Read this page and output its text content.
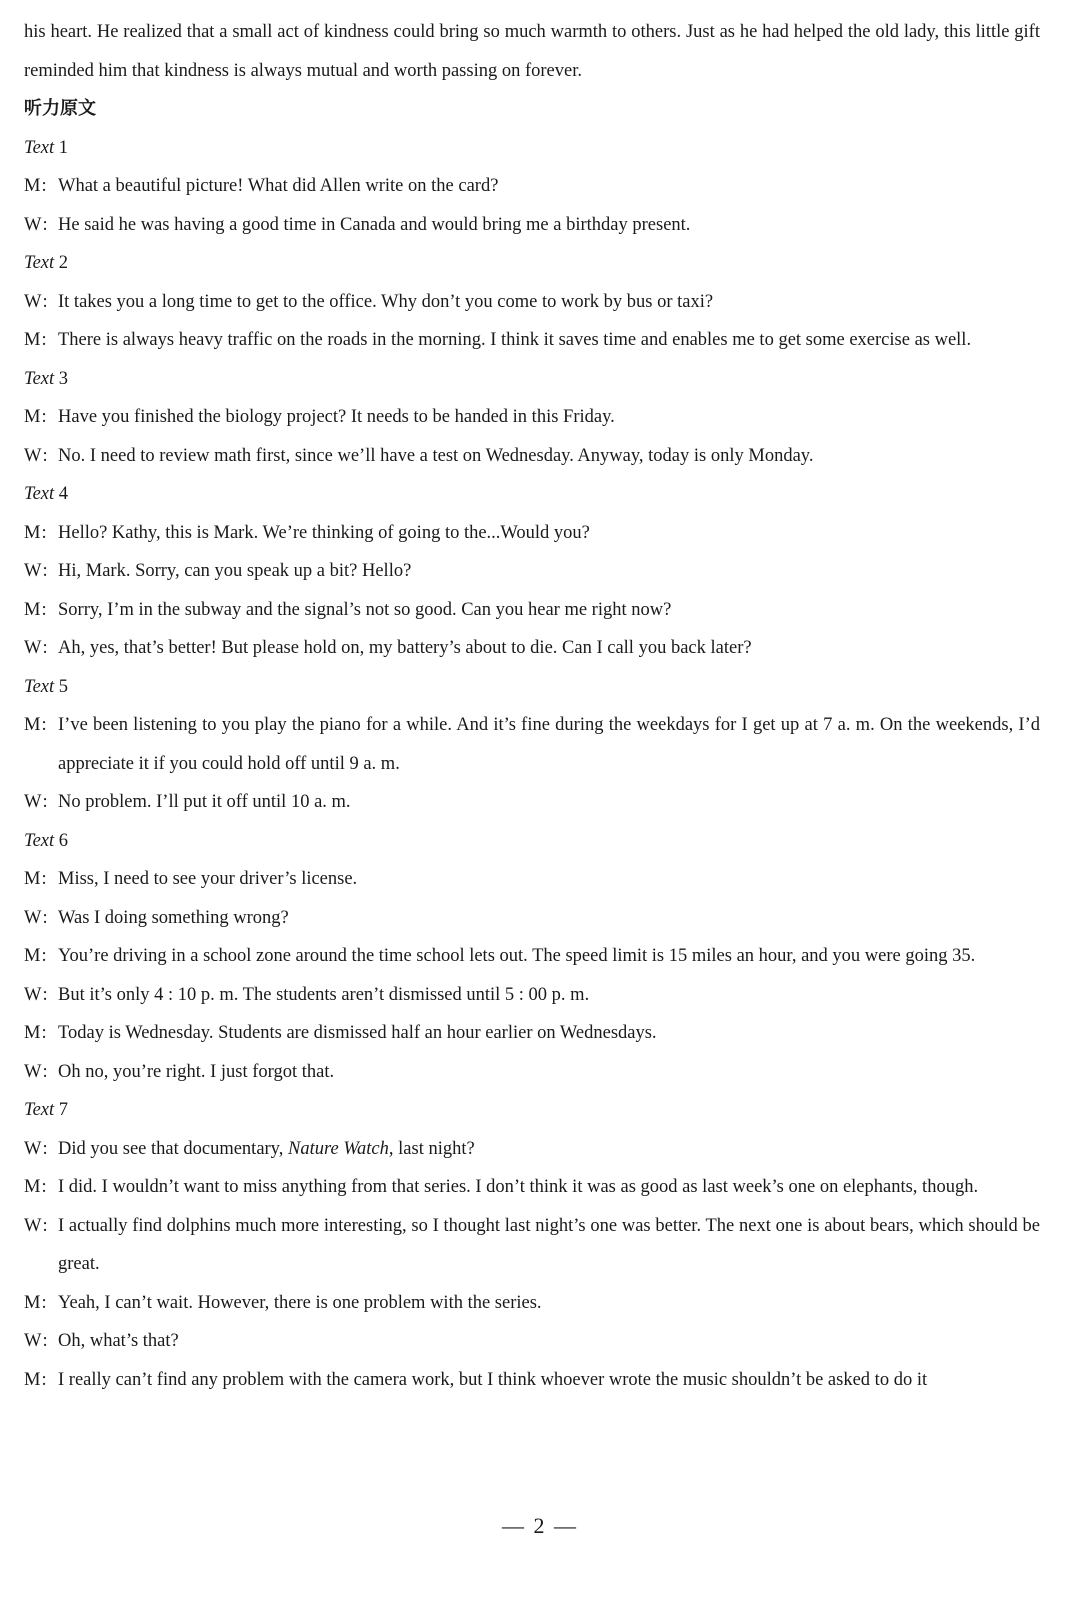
his heart. He realized that a small act of kindness could bring so much warmth to others. Just as he had helped the old lady, this little gift reminded him that kindness is always mutual and worth passing on forever.
听力原文
Text 1
M: What a beautiful picture! What did Allen write on the card?
W: He said he was having a good time in Canada and would bring me a birthday present.
Text 2
W: It takes you a long time to get to the office. Why don’t you come to work by bus or taxi?
M: There is always heavy traffic on the roads in the morning. I think it saves time and enables me to get some exercise as well.
Text 3
M: Have you finished the biology project? It needs to be handed in this Friday.
W: No. I need to review math first, since we’ll have a test on Wednesday. Anyway, today is only Monday.
Text 4
M: Hello? Kathy, this is Mark. We’re thinking of going to the...Would you?
W: Hi, Mark. Sorry, can you speak up a bit? Hello?
M: Sorry, I’m in the subway and the signal’s not so good. Can you hear me right now?
W: Ah, yes, that’s better! But please hold on, my battery’s about to die. Can I call you back later?
Text 5
M: I’ve been listening to you play the piano for a while. And it’s fine during the weekdays for I get up at 7 a. m. On the weekends, I’d appreciate it if you could hold off until 9 a. m.
W: No problem. I’ll put it off until 10 a. m.
Text 6
M: Miss, I need to see your driver’s license.
W: Was I doing something wrong?
M: You’re driving in a school zone around the time school lets out. The speed limit is 15 miles an hour, and you were going 35.
W: But it’s only 4 : 10 p. m. The students aren’t dismissed until 5 : 00 p. m.
M: Today is Wednesday. Students are dismissed half an hour earlier on Wednesdays.
W: Oh no, you’re right. I just forgot that.
Text 7
W: Did you see that documentary, Nature Watch, last night?
M: I did. I wouldn’t want to miss anything from that series. I don’t think it was as good as last week’s one on elephants, though.
W: I actually find dolphins much more interesting, so I thought last night’s one was better. The next one is about bears, which should be great.
M: Yeah, I can’t wait. However, there is one problem with the series.
W: Oh, what’s that?
M: I really can’t find any problem with the camera work, but I think whoever wrote the music shouldn’t be asked to do it
— 2 —
